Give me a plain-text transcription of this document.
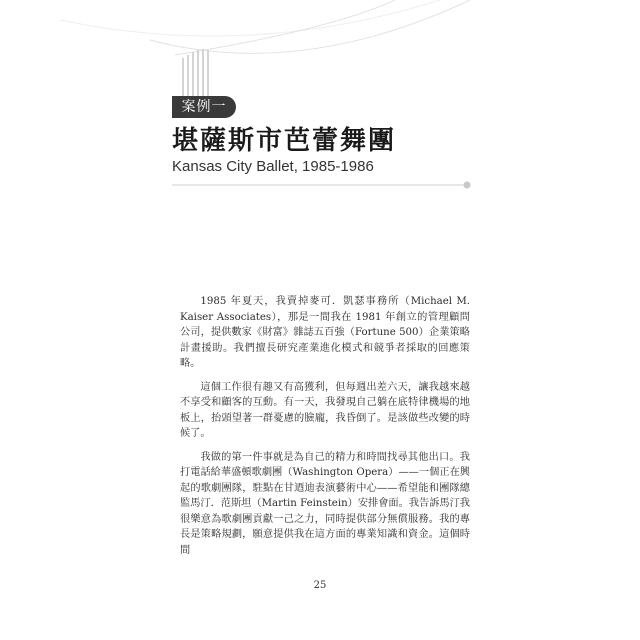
案例一
堪薩斯市芭蕾舞團
Kansas City Ballet, 1985-1986

1985 年夏天，我賣掉麥可．凱瑟事務所（Michael M. Kaiser Associates），那是一間我在 1981 年創立的管理顧問公司，提供數家《財富》雜誌五百強（Fortune 500）企業策略計畫援助。我們擅長研究產業進化模式和競爭者採取的回應策略。

這個工作很有趣又有高獲利，但每週出差六天，讓我越來越不享受和顧客的互動。有一天，我發現自己躺在底特律機場的地板上，抬頭望著一群憂慮的臉龐，我昏倒了。是該做些改變的時候了。

我做的第一件事就是為自己的精力和時間找尋其他出口。我打電話給華盛頓歌劇團（Washington Opera）——一個正在興起的歌劇團隊，駐點在甘迺迪表演藝術中心——希望能和團隊總監馬汀．范斯坦（Martin Feinstein）安排會面。我告訴馬汀我很樂意為歌劇團貢獻一己之力，同時提供部分無償服務。我的專長是策略規劃，願意提供我在這方面的專業知識和資金。這個時間

25
